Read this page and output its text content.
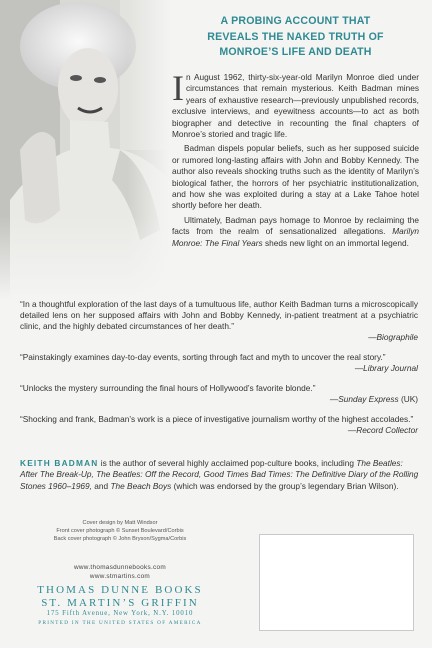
A PROBING ACCOUNT THAT
REVEALS THE NAKED TRUTH OF
MONROE’S LIFE AND DEATH

In August 1962, thirty-six-year-old Marilyn Monroe died under circumstances that remain mysterious. Keith Badman mines years of exhaustive research—previously unpublished records, exclusive interviews, and eyewitness accounts—to act as both biographer and detective in recounting the final chapters of Monroe’s storied and tragic life.

Badman dispels popular beliefs, such as her supposed suicide or rumored long-lasting affairs with John and Bobby Kennedy. The author also reveals shocking truths such as the identity of Marilyn’s biological father, the horrors of her psychiatric institutionalization, and how she was exploited during a stay at a Lake Tahoe hotel shortly before her death.

Ultimately, Badman pays homage to Monroe by reclaiming the facts from the realm of sensationalized allegations. Marilyn Monroe: The Final Years sheds new light on an immortal legend.

“In a thoughtful exploration of the last days of a tumultuous life, author Keith Badman turns a microscopically detailed lens on her supposed affairs with John and Bobby Kennedy, in-patient treatment at a psychiatric clinic, and the highly debated circumstances of her death.”
—Biographile
“Painstakingly examines day-to-day events, sorting through fact and myth to uncover the real story.”
—Library Journal
“Unlocks the mystery surrounding the final hours of Hollywood’s favorite blonde.”
—Sunday Express (UK)
“Shocking and frank, Badman’s work is a piece of investigative journalism worthy of the highest accolades.”
—Record Collector
KEITH BADMAN is the author of several highly acclaimed pop-culture books, including The Beatles: After The Break-Up, The Beatles: Off the Record, Good Times Bad Times: The Definitive Diary of the Rolling Stones 1960–1969, and The Beach Boys (which was endorsed by the group’s legendary Brian Wilson).
Cover design by Matt Windsor
Front cover photograph © Sunset Boulevard/Corbis
Back cover photograph © John Bryson/Sygma/Corbis
www.thomasdunnebooks.com
www.stmartins.com
THOMAS DUNNE BOOKS
ST. MARTIN’S GRIFFIN
175 Fifth Avenue, New York, N.Y. 10010
PRINTED IN THE UNITED STATES OF AMERICA
